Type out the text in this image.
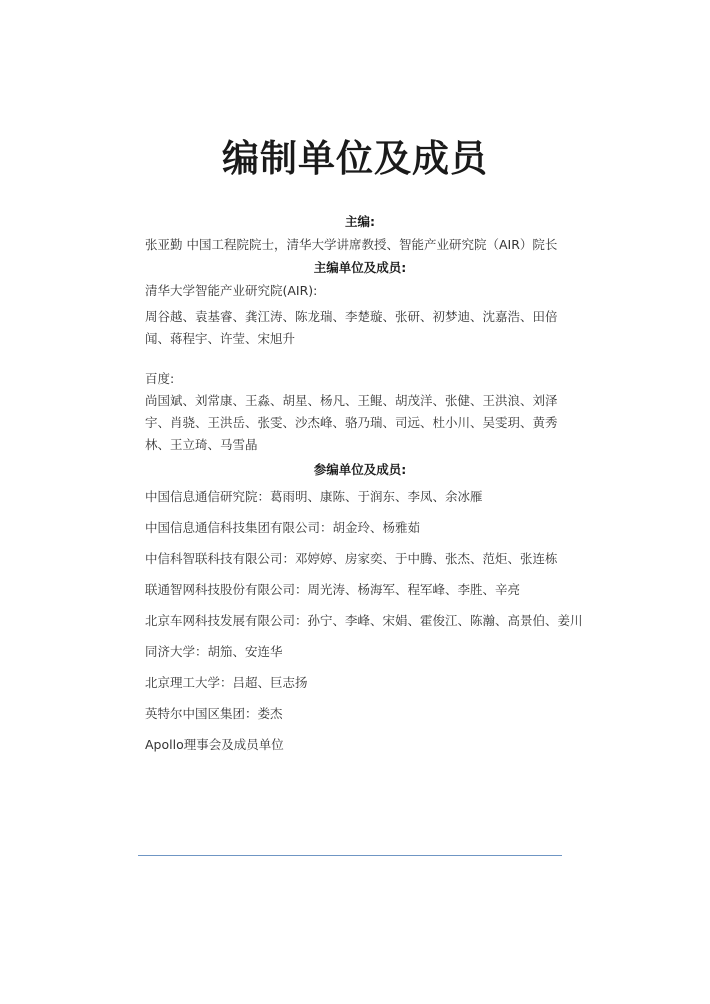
编制单位及成员
主编:
张亚勤 中国工程院院士，清华大学讲席教授、智能产业研究院（AIR）院长
主编单位及成员:
清华大学智能产业研究院(AIR):
周谷越、袁基睿、龚江涛、陈龙瑞、李楚璇、张研、初梦迪、沈嘉浩、田倍闻、蒋程宇、许莹、宋旭升
百度:
尚国斌、刘常康、王淼、胡星、杨凡、王鲲、胡茂洋、张健、王洪浪、刘泽宇、肖骁、王洪岳、张雯、沙杰峰、骆乃瑞、司远、杜小川、吴雯玥、黄秀林、王立琦、马雪晶
参编单位及成员:
中国信息通信研究院：葛雨明、康陈、于润东、李凤、余冰雁
中国信息通信科技集团有限公司：胡金玲、杨雅茹
中信科智联科技有限公司：邓婷婷、房家奕、于中腾、张杰、范炬、张连栋
联通智网科技股份有限公司：周光涛、杨海军、程军峰、李胜、辛亮
北京车网科技发展有限公司：孙宁、李峰、宋娟、霍俊江、陈瀚、高景伯、姜川
同济大学：胡笳、安连华
北京理工大学：吕超、巨志扬
英特尔中国区集团：娄杰
Apollo理事会及成员单位
